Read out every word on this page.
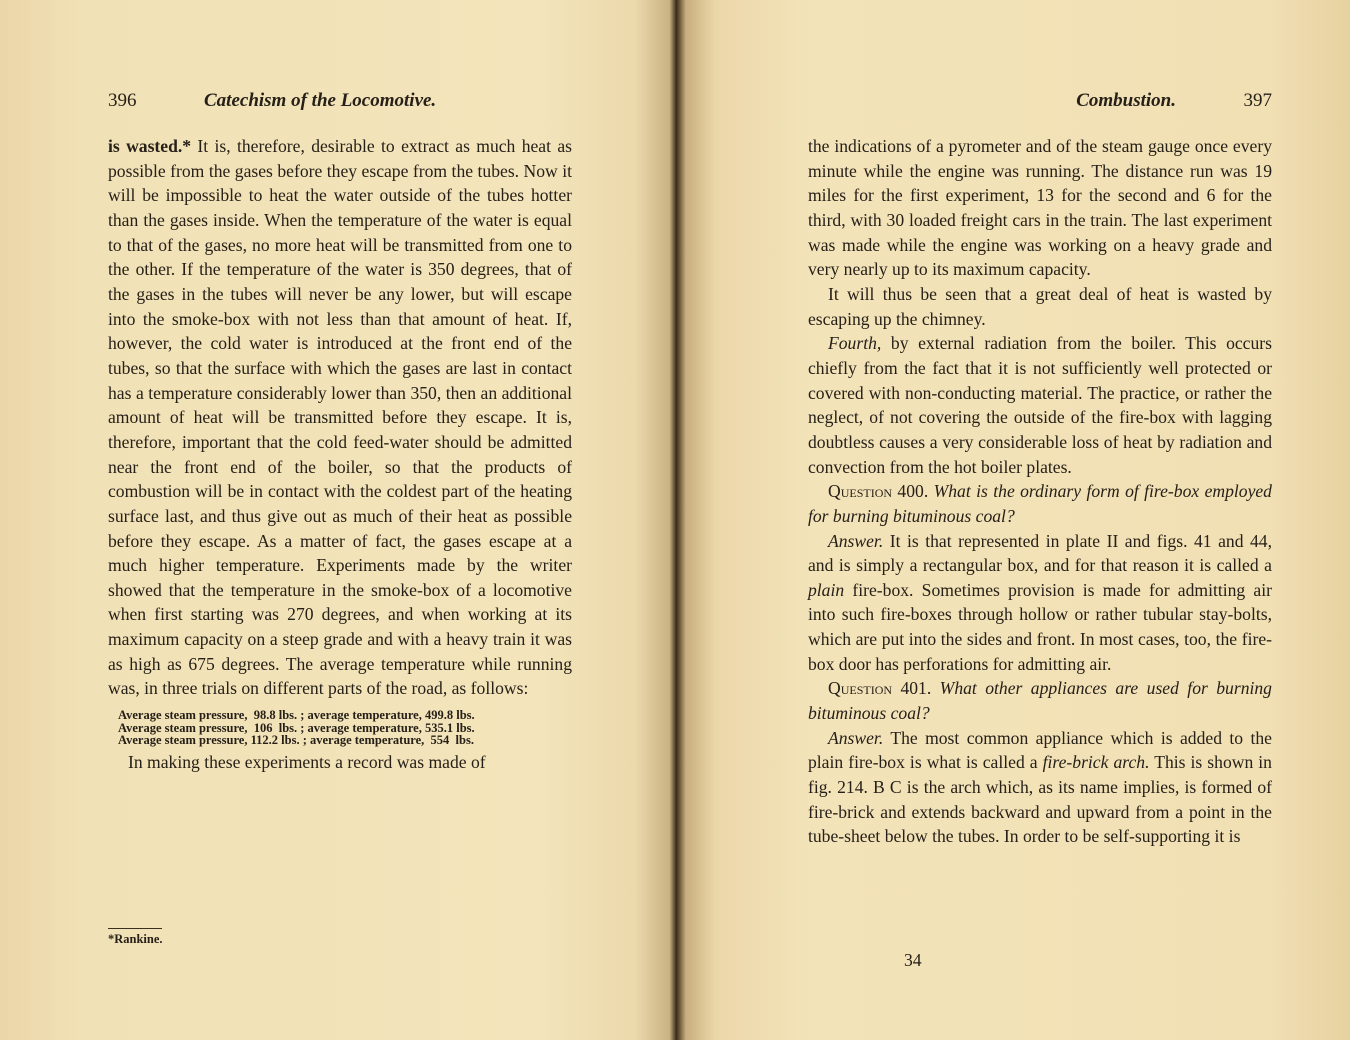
396	Catechism of the Locomotive.

is wasted.* It is, therefore, desirable to extract as much heat as possible from the gases before they escape from the tubes. Now it will be impossible to heat the water outside of the tubes hotter than the gases inside. When the temperature of the water is equal to that of the gases, no more heat will be transmitted from one to the other. If the temperature of the water is 350 degrees, that of the gases in the tubes will never be any lower, but will escape into the smoke-box with not less than that amount of heat. If, however, the cold water is introduced at the front end of the tubes, so that the surface with which the gases are last in contact has a temperature considerably lower than 350, then an additional amount of heat will be transmitted before they escape. It is, therefore, important that the cold feed-water should be admitted near the front end of the boiler, so that the products of combustion will be in contact with the coldest part of the heating surface last, and thus give out as much of their heat as possible before they escape. As a matter of fact, the gases escape at a much higher temperature. Experiments made by the writer showed that the temperature in the smoke-box of a locomotive when first starting was 270 degrees, and when working at its maximum capacity on a steep grade and with a heavy train it was as high as 675 degrees. The average temperature while running was, in three trials on different parts of the road, as follows:

Average steam pressure,  98.8 lbs. ; average temperature, 499.8 lbs.
Average steam pressure,  106  lbs. ; average temperature, 535.1 lbs.
Average steam pressure, 112.2 lbs. ; average temperature,  554  lbs.

In making these experiments a record was made of

*Rankine.
Combustion.	397

the indications of a pyrometer and of the steam gauge once every minute while the engine was running. The distance run was 19 miles for the first experiment, 13 for the second and 6 for the third, with 30 loaded freight cars in the train. The last experiment was made while the engine was working on a heavy grade and very nearly up to its maximum capacity.

It will thus be seen that a great deal of heat is wasted by escaping up the chimney.

Fourth, by external radiation from the boiler. This occurs chiefly from the fact that it is not sufficiently well protected or covered with non-conducting material. The practice, or rather the neglect, of not covering the outside of the fire-box with lagging doubtless causes a very considerable loss of heat by radiation and convection from the hot boiler plates.

Question 400. What is the ordinary form of fire-box employed for burning bituminous coal?

Answer. It is that represented in plate II and figs. 41 and 44, and is simply a rectangular box, and for that reason it is called a plain fire-box. Sometimes provision is made for admitting air into such fire-boxes through hollow or rather tubular stay-bolts, which are put into the sides and front. In most cases, too, the fire-box door has perforations for admitting air.

Question 401. What other appliances are used for burning bituminous coal?

Answer. The most common appliance which is added to the plain fire-box is what is called a fire-brick arch. This is shown in fig. 214. B C is the arch which, as its name implies, is formed of fire-brick and extends backward and upward from a point in the tube-sheet below the tubes. In order to be self-supporting it is

34
